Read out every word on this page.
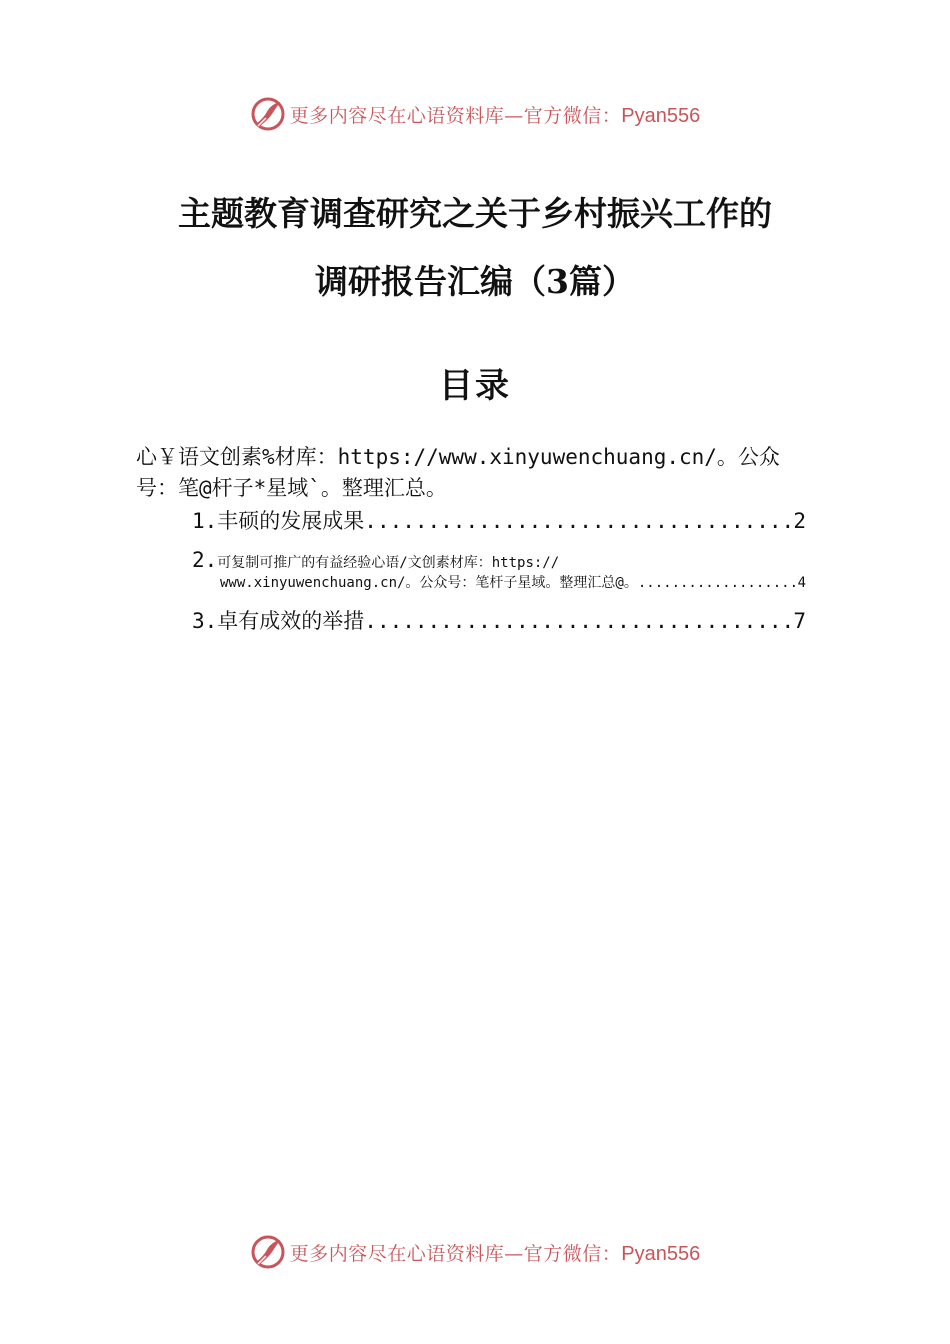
更多内容尽在心语资料库—官方微信：Pyan556
主题教育调查研究之关于乡村振兴工作的
调研报告汇编（3篇）
目录
心￥语文创素%材库：https://www.xinyuwenchuang.cn/。公众
号：笔@杆子*星域`。整理汇总。
1. 丰硕的发展成果 .....	2
2. 可复制可推广的有益经验心语/文创素材库：https://
www.xinyuwenchuang.cn/。公众号：笔杆子星域。整理汇总@。 .....	4
3. 卓有成效的举措 .....	7
更多内容尽在心语资料库—官方微信：Pyan556
